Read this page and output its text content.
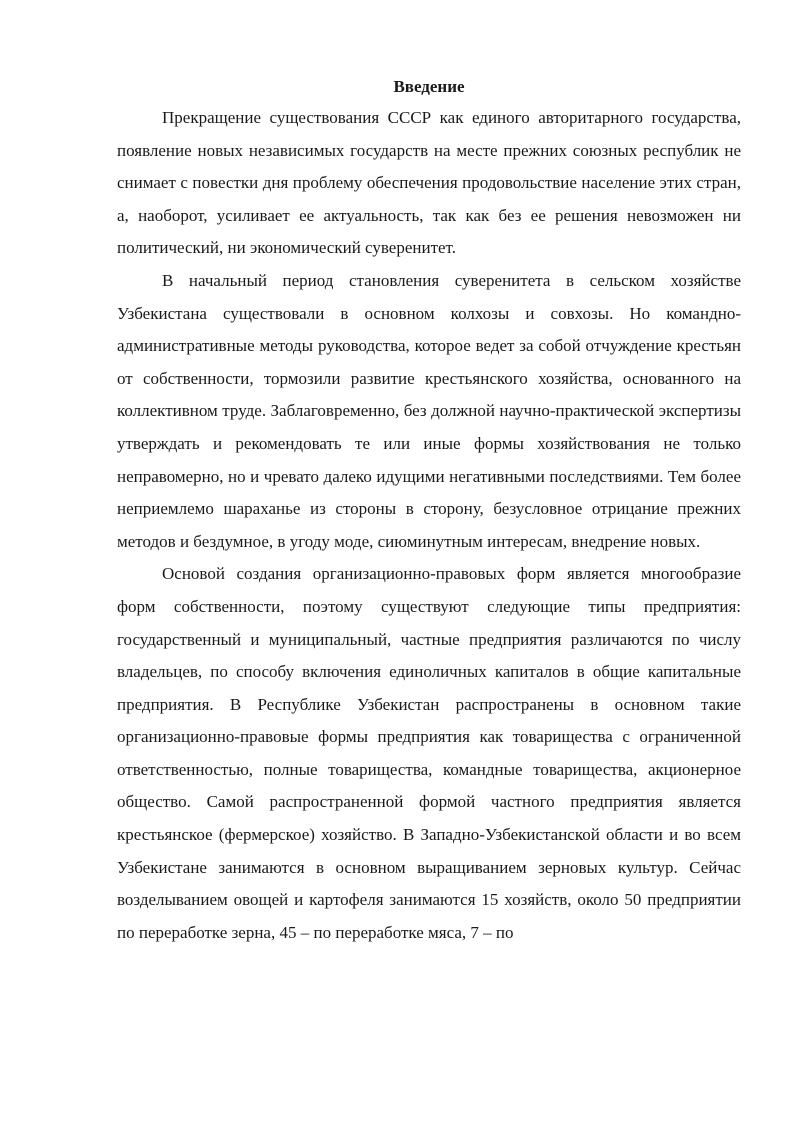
Введение

Прекращение существования СССР как единого авторитарного государства, появление новых независимых государств на месте прежних союзных республик не снимает с повестки дня проблему обеспечения продовольствие население этих стран, а, наоборот, усиливает ее актуальность, так как без ее решения невозможен ни политический, ни экономический суверенитет.

В начальный период становления суверенитета в сельском хозяйстве Узбекистана существовали в основном колхозы и совхозы. Но командно-административные методы руководства, которое ведет за собой отчуждение крестьян от собственности, тормозили развитие крестьянского хозяйства, основанного на коллективном труде. Заблаговременно, без должной научно-практической экспертизы утверждать и рекомендовать те или иные формы хозяйствования не только неправомерно, но и чревато далеко идущими негативными последствиями. Тем более неприемлемо шараханье из стороны в сторону, безусловное отрицание прежних методов и бездумное, в угоду моде, сиюминутным интересам, внедрение новых.

Основой создания организационно-правовых форм является многообразие форм собственности, поэтому существуют следующие типы предприятия: государственный и муниципальный, частные предприятия различаются по числу владельцев, по способу включения единоличных капиталов в общие капитальные предприятия. В Республике Узбекистан распространены в основном такие организационно-правовые формы предприятия как товарищества с ограниченной ответственностью, полные товарищества, командные товарищества, акционерное общество. Самой распространенной формой частного предприятия является крестьянское (фермерское) хозяйство. В Западно-Узбекистанской области и во всем Узбекистане занимаются в основном выращиванием зерновых культур. Сейчас возделыванием овощей и картофеля занимаются 15 хозяйств, около 50 предприятии по переработке зерна, 45 – по переработке мяса, 7 – по
